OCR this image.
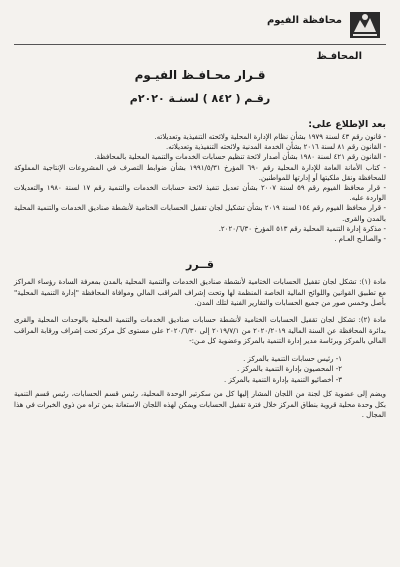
محافظة الفيوم
المحافـظ
قـرار محـافـظ الفيـوم
رقـم ( ٨٤٢ ) لسنـة ٢٠٢٠م
بعد الإطلاع على:
- قانون رقم ٤٣ لسنة ١٩٧٩ بشأن نظام الإدارة المحلية ولائحته التنفيذية وتعديلاته.
- القانون رقم ٨١ لسنة ٢٠١٦ بشأن الخدمة المدنية ولائحته التنفيذية وتعديلاته.
- القانون رقم ٤٢١ لسنة ١٩٨٠ بشأن أصدار لائحة تنظيم حسابات الخدمات والتنمية المحلية بالمحافظة.
- كتاب الأمانة العامة للإدارة المحلية رقم ٦٩٠ المؤرخ ١٩٩١/٥/٣١ بشأن ضوابط التصرف في المشروعات الإنتاجية المملوكة للمحافظة ونقل ملكيتها أو إدارتها للمواطنين.
- قرار محافظ الفيوم رقم ٥٩ لسنة ٢٠٠٧ بشأن تعديل تنفيذ لائحة حسابات الخدمات والتنمية رقم ١٧ لسنة ١٩٨٠ والتعديلات الواردة عليه.
- قرار محافظ الفيوم رقم ١٥٤ لسنة ٢٠١٩ بشأن تشكيل لجان تقفيل الحسابات الختامية لأنشطة صناديق الخدمات والتنمية المحلية بالمدن والقرى.
- مذكرة إدارة التنمية المحلية رقم ٥١٣ المؤرخ ٢٠٢٠/٦/٣٠.
- والصالـح العـام .
قــرر

مادة (١): تشكل لجان تقفيل الحسابات الختامية لأنشطة صناديق الخدمات والتنمية المحلية بالمدن بمعرفة السادة رؤساء المراكز مع تطبيق القوانين واللوائح المالية الخاصة المنظمة لها وتحت إشراف المراقب المالي وموافاة المحافظة "إدارة التنمية المحلية" بأصل وخمس صور من جميع الحسابات والتقارير الفنية لتلك المدن.

مادة (٢): تشكل لجان تقفيل الحسابات الختامية لأنشطة حسابات صناديق الخدمات والتنمية المحلية بالوحدات المحلية والقرى بدائرة المحافظة عن السنة المالية ٢٠٢٠/٢٠١٩ من ٢٠١٩/٧/١ إلى ٢٠٢٠/٦/٣٠ على مستوى كل مركز تحت إشراف ورقابة المراقب المالي بالمركز وبرئاسة مدير إدارة التنمية بالمركز وعضوية كل مـن:-

١- رئيس حسابات التنمية بالمركز .
٢- المحصيون بإدارة التنمية بالمركز .
٣- أخصائيو التنمية بإدارة التنمية بالمركز .

ويضم إلى عضوية كل لجنة من اللجان المشار إليها كل من سكرتير الوحدة المحلية، رئيس قسم الحسابات، رئيس قسم التنمية بكل وحدة محلية قروية بنطاق المركز خلال فترة تقفيل الحسابات ويمكن لهذه اللجان الاستعانة بمن تراه من ذوي الخبرات في هذا المجال .
